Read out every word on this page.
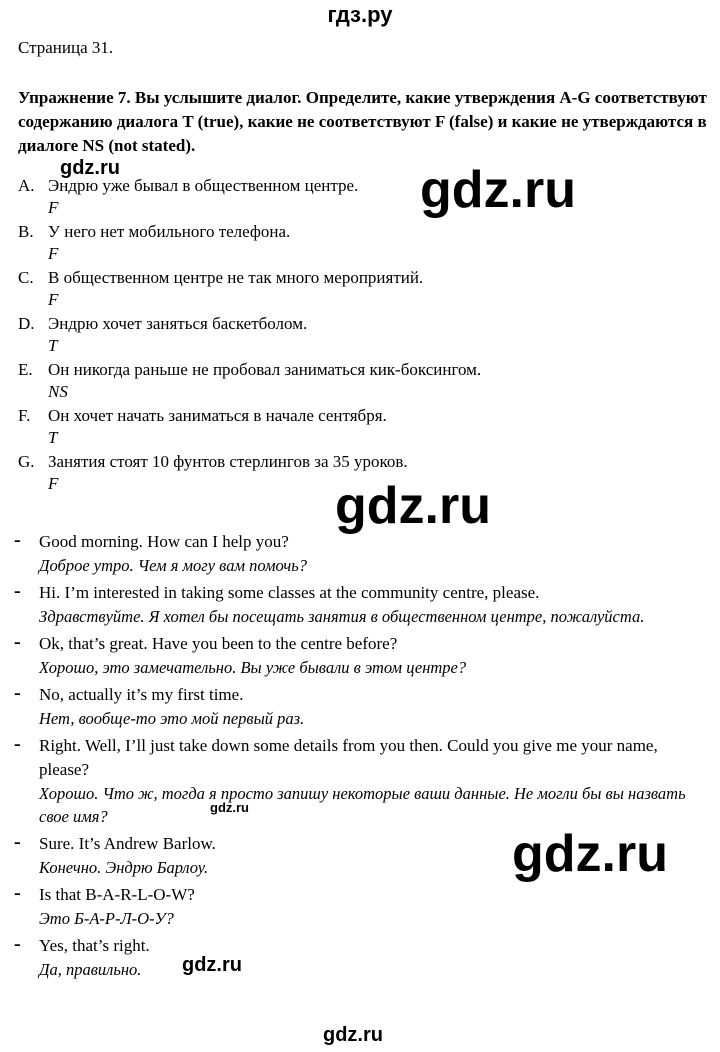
гдз.ру
Страница 31.
Упражнение 7. Вы услышите диалог. Определите, какие утверждения A-G соответствуют содержанию диалога T (true), какие не соответствуют F (false) и какие не утверждаются в диалоге NS (not stated).
A. Эндрю уже бывал в общественном центре.
F
B. У него нет мобильного телефона.
F
C. В общественном центре не так много мероприятий.
F
D. Эндрю хочет заняться баскетболом.
T
E. Он никогда раньше не пробовал заниматься кик-боксингом.
NS
F. Он хочет начать заниматься в начале сентября.
T
G. Занятия стоят 10 фунтов стерлингов за 35 уроков.
F
- Good morning. How can I help you?
Доброе утро. Чем я могу вам помочь?
- Hi. I’m interested in taking some classes at the community centre, please.
Здравствуйте. Я хотел бы посещать занятия в общественном центре, пожалуйста.
- Ok, that’s great. Have you been to the centre before?
Хорошо, это замечательно. Вы уже бывали в этом центре?
- No, actually it’s my first time.
Нет, вообще-то это мой первый раз.
- Right. Well, I’ll just take down some details from you then. Could you give me your name, please?
Хорошо. Что ж, тогда я просто запишу некоторые ваши данные. Не могли бы вы назвать свое имя?
- Sure. It’s Andrew Barlow.
Конечно. Эндрю Барлоу.
- Is that B-A-R-L-O-W?
Это Б-А-Р-Л-О-У?
- Yes, that’s right.
Да, правильно.
gdz.ru	gdz.ru
gdz.ru
gdz.ru
gdz.ru
gdz.ru
gdz.ru
